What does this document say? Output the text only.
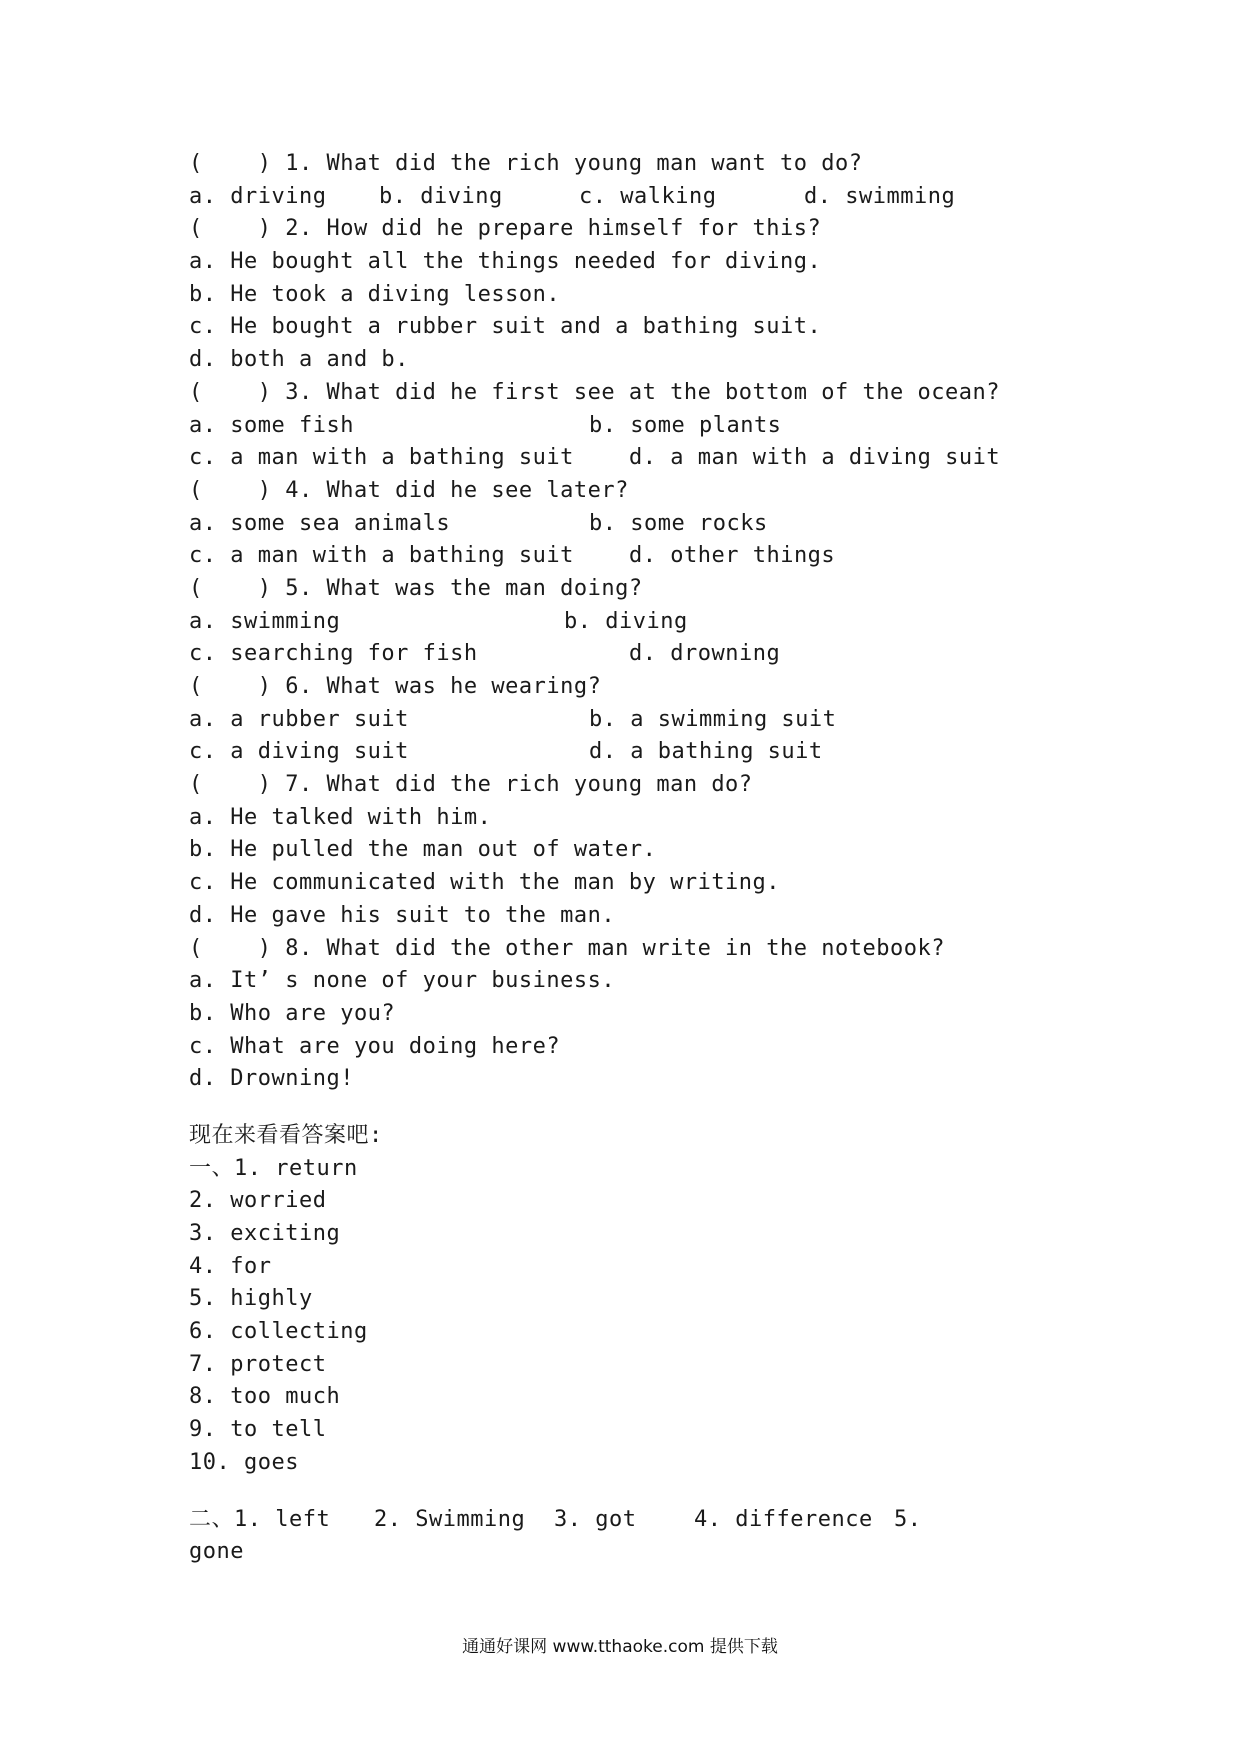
(    ) 1. What did the rich young man want to do?
a. driving b. diving	c. walking	d. swimming
(    ) 2. How did he prepare himself for this?
a. He bought all the things needed for diving.
b. He took a diving lesson.
c. He bought a rubber suit and a bathing suit.
d. both a and b.
(    ) 3. What did he first see at the bottom of the ocean?
a. some fish	b. some plants
c. a man with a bathing suit	d. a man with a diving suit
(    ) 4. What did he see later?
a. some sea animals	b. some rocks
c. a man with a bathing suit	d. other things
(    ) 5. What was the man doing?
a. swimming	b. diving
c. searching for fish	d. drowning
(    ) 6. What was he wearing?
a. a rubber suit	b. a swimming suit
c. a diving suit	d. a bathing suit
(    ) 7. What did the rich young man do?
a. He talked with him.
b. He pulled the man out of water.
c. He communicated with the man by writing.
d. He gave his suit to the man.
(    ) 8. What did the other man write in the notebook?
a. It’ s none of your business.
b. Who are you?
c. What are you doing here?
d. Drowning!
现在来看看答案吧:
一、1. return
2. worried
3. exciting
4. for
5. highly
6. collecting
7. protect
8. too much
9. to tell
10. goes
二、1. left 2. Swimming 3. got	4. difference 5.
gone
通通好课网 www.tthaoke.com 提供下载
